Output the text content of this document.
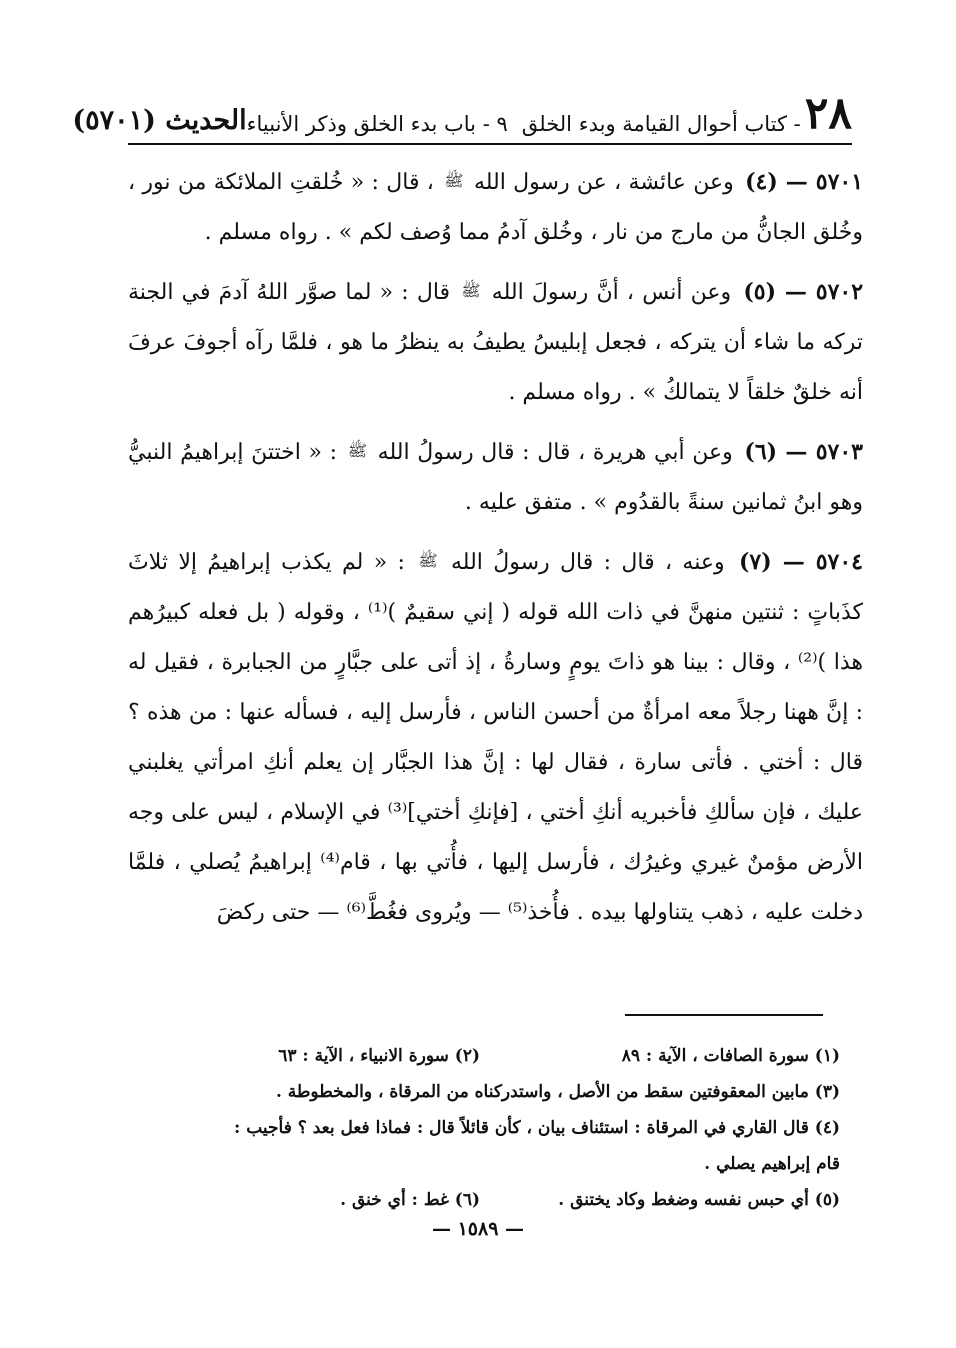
٢٨
- كتاب أحوال القيامة وبدء الخلق
٩ - باب بدء الخلق وذكر الأنبياء
الحديث (٥٧٠١)

٥٧٠١ — (٤) وعن عائشة ، عن رسول الله ﷺ ، قال : « خُلقتِ الملائكة من نور ، وخُلق الجانُّ من مارج من نار ، وخُلق آدمُ مما وُصف لكم » . رواه مسلم .

٥٧٠٢ — (٥) وعن أنس ، أنَّ رسولَ الله ﷺ قال : « لما صوَّر اللهُ آدمَ في الجنة تركه ما شاء أن يتركه ، فجعل إبليسُ يطيفُ به ينظرُ ما هو ، فلمَّا رآه أجوفَ عرفَ أنه خلقٌ خلقاً لا يتمالكُ » . رواه مسلم .

٥٧٠٣ — (٦) وعن أبي هريرة ، قال : قال رسولُ الله ﷺ : « اختتنَ إبراهيمُ النبيُّ وهو ابنُ ثمانين سنةً بالقدُوم » . متفق عليه .

٥٧٠٤ — (٧) وعنه ، قال : قال رسولُ الله ﷺ : « لم يكذب إبراهيمُ إلا ثلاثَ كذَباتٍ : ثنتين منهنَّ في ذات الله قوله ( إني سقيمٌ )⁽¹⁾ ، وقوله ( بل فعله كبيرُهم هذا )⁽²⁾ ، وقال : بينا هو ذاتَ يومٍ وسارةُ ، إذ أتى على جبَّارٍ من الجبابرة ، فقيل له : إنَّ ههنا رجلاً معه امرأةٌ من أحسن الناس ، فأرسل إليه ، فسأله عنها : من هذه ؟ قال : أختي . فأتى سارة ، فقال لها : إنَّ هذا الجبَّار إن يعلم أنكِ امرأتي يغلبني عليك ، فإن سألكِ فأخبريه أنكِ أختي ، [فإنكِ أختي]⁽³⁾ في الإسلام ، ليس على وجه الأرض مؤمنٌ غيري وغيرُك ، فأرسل إليها ، فأُتي بها ، قام⁽⁴⁾ إبراهيمُ يُصلي ، فلمَّا دخلت عليه ، ذهب يتناولها بيده . فأُخذ⁽⁵⁾ — ويُروى فغُطَّ⁽⁶⁾ — حتى ركضَ

(١) سورة الصافات ، الآية : ٨٩
(٢) سورة الانبياء ، الآية : ٦٣
(٣) مابين المعقوفتين سقط من الأصل ، واستدركناه من المرقاة ، والمخطوطة .
(٤) قال القاري في المرقاة : استئناف بيان ، كأن قائلاً قال : فماذا فعل بعد ؟ فأجيب :
قام إبراهيم يصلي .
(٥) أي حبس نفسه وضغط وكاد يختنق .
(٦) غط : أي خنق .
— ١٥٨٩ —
